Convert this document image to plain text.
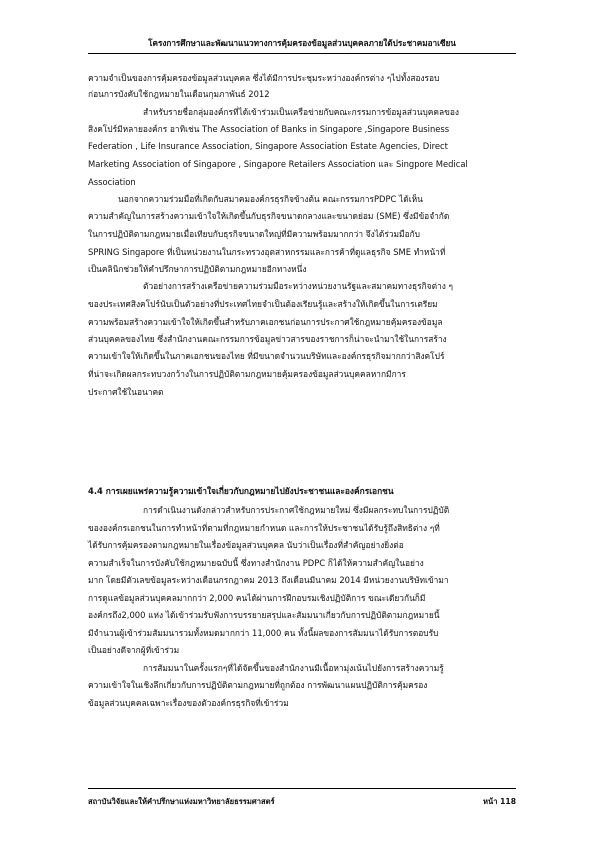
โครงการศึกษาและพัฒนาแนวทางการคุ้มครองข้อมูลส่วนบุคคลภายใต้ประชาคมอาเซียน
ความจำเป็นของการคุ้มครองข้อมูลส่วนบุคคล ซึ่งได้มีการประชุมระหว่างองค์กรต่าง ๆไปทั้งสองรอบ
ก่อนการบังคับใช้กฎหมายในเดือนกุมภาพันธ์ 2012
สำหรับรายชื่อกลุ่มองค์กรที่ได้เข้าร่วมเป็นเครือข่ายกับคณะกรรมการข้อมูลส่วนบุคคลของ
สิงคโปร์มีหลายองค์กร อาทิเช่น The Association of Banks in Singapore ,Singapore Business
Federation , Life Insurance Association, Singapore Association Estate Agencies, Direct
Marketing Association of Singapore , Singapore Retailers Association และ Singpore Medical
Association
นอกจากความร่วมมือที่เกิดกับสมาคมองค์กรธุรกิจข้างต้น คณะกรรมการPDPC ได้เห็น
ความสำคัญในการสร้างความเข้าใจให้เกิดขึ้นกับธุรกิจขนาดกลางและขนาดย่อม (SME) ซึ่งมีข้อจำกัด
ในการปฏิบัติตามกฎหมายเมื่อเทียบกับธุรกิจขนาดใหญ่ที่มีความพร้อมมากกว่า จึงได้ร่วมมือกับ
SPRING Singapore ที่เป็นหน่วยงานในกระทรวงอุตสาหกรรมและการค้าที่ดูแลธุรกิจ SME ทำหน้าที่
เป็นคลินิกช่วยให้คำปรึกษาการปฏิบัติตามกฎหมายอีกทางหนึ่ง
ตัวอย่างการสร้างเครือข่ายความร่วมมือระหว่างหน่วยงานรัฐและสมาคมทางธุรกิจต่าง ๆ
ของประเทศสิงคโปร์นับเป็นตัวอย่างที่ประเทศไทยจำเป็นต้องเรียนรู้และสร้างให้เกิดขึ้นในการเตรียม
ความพร้อมสร้างความเข้าใจให้เกิดขึ้นสำหรับภาคเอกชนก่อนการประกาศใช้กฎหมายคุ้มครองข้อมูล
ส่วนบุคคลของไทย ซึ่งสำนักงานคณะกรรมการข้อมูลข่าวสารของราชการก็น่าจะนำมาใช้ในการสร้าง
ความเข้าใจให้เกิดขึ้นในภาคเอกชนของไทย ที่มีขนาดจำนวนบริษัทและองค์กรธุรกิจมากกว่าสิงคโปร์
ที่น่าจะเกิดผลกระทบวงกว้างในการปฏิบัติตามกฎหมายคุ้มครองข้อมูลส่วนบุคคลหากมีการ
ประกาศใช้ในอนาคต
4.4 การเผยแพร่ความรู้ความเข้าใจเกี่ยวกับกฎหมายไปยังประชาชนและองค์กรเอกชน
การดำเนินงานดังกล่าวสำหรับการประกาศใช้กฎหมายใหม่ ซึ่งมีผลกระทบในการปฏิบัติ
ขององค์กรเอกชนในการทำหน้าที่ตามที่กฎหมายกำหนด และการให้ประชาชนได้รับรู้ถึงสิทธิต่าง ๆที่
ได้รับการคุ้มครองตามกฎหมายในเรื่องข้อมูลส่วนบุคคล นับว่าเป็นเรื่องที่สำคัญอย่างยิ่งต่อ
ความสำเร็จในการบังคับใช้กฎหมายฉบับนี้ ซึ่งทางสำนักงาน PDPC ก็ได้ให้ความสำคัญในอย่าง
มาก โดยมีตัวเลขข้อมูลระหว่างเดือนกรกฎาคม 2013 ถึงเดือนมีนาคม 2014 มีหน่วยงานบริษัทเข้ามา
การดูแลข้อมูลส่วนบุคคลมากกว่า 2,000 คนได้ผ่านการฝึกอบรมเชิงปฏิบัติการ ขณะเดียวกันก็มี
องค์กรถึง2,000 แห่ง ได้เข้าร่วมรับฟังการบรรยายสรุปและสัมมนาเกี่ยวกับการปฏิบัติตามกฎหมายนี้
มีจำนวนผู้เข้าร่วมสัมมนารวมทั้งหมดมากกว่า 11,000 คน ทั้งนี้ผลของการสัมมนาได้รับการตอบรับ
เป็นอย่างดีจากผู้ที่เข้าร่วม
การสัมมนาในครั้งแรกๆที่ได้จัดขึ้นของสำนักงานมีเนื้อหามุ่งเน้นไปยังการสร้างความรู้
ความเข้าใจในเชิงลึกเกี่ยวกับการปฏิบัติตามกฎหมายที่ถูกต้อง การพัฒนาแผนปฏิบัติการคุ้มครอง
ข้อมูลส่วนบุคคลเฉพาะเรื่องของตัวองค์กรธุรกิจที่เข้าร่วม
สถาบันวิจัยและให้คำปรึกษาแห่งมหาวิทยาลัยธรรมศาสตร์	หน้า 118
